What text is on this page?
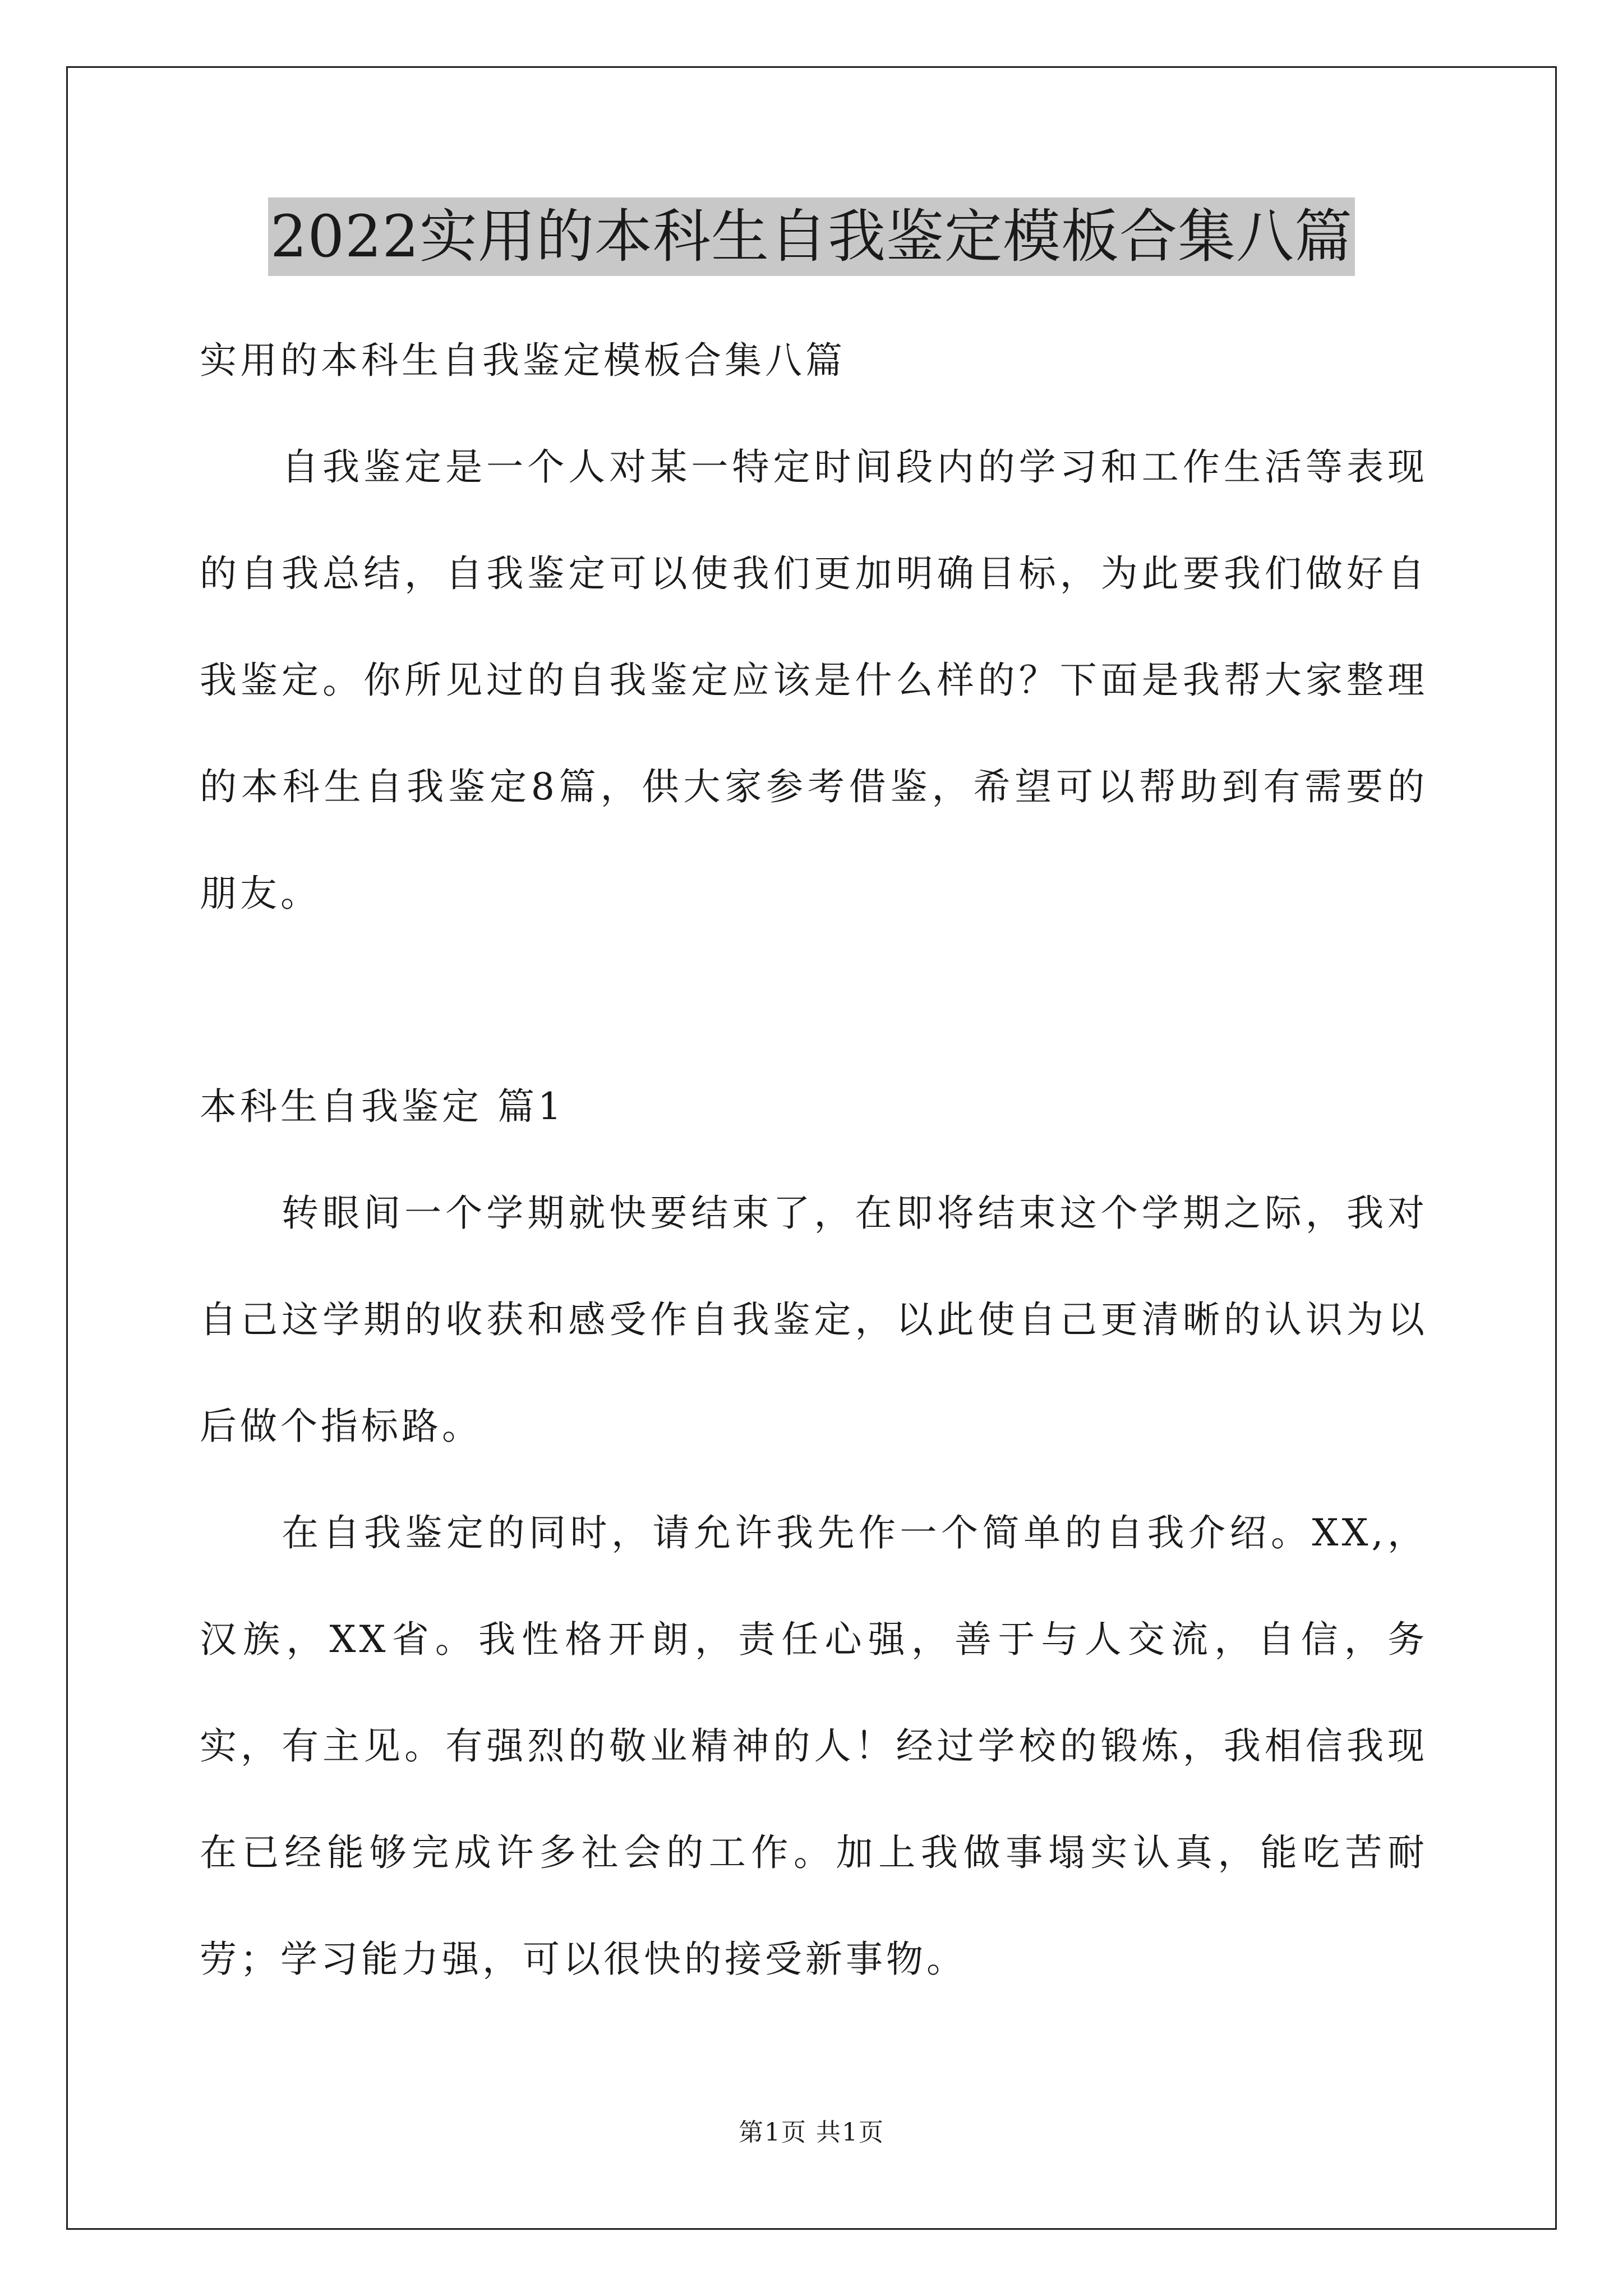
2022实用的本科生自我鉴定模板合集八篇

实用的本科生自我鉴定模板合集八篇

自我鉴定是一个人对某一特定时间段内的学习和工作生活等表现的自我总结，自我鉴定可以使我们更加明确目标，为此要我们做好自我鉴定。你所见过的自我鉴定应该是什么样的？下面是我帮大家整理的本科生自我鉴定8篇，供大家参考借鉴，希望可以帮助到有需要的朋友。

本科生自我鉴定 篇1

转眼间一个学期就快要结束了，在即将结束这个学期之际，我对自己这学期的收获和感受作自我鉴定，以此使自己更清晰的认识为以后做个指标路。

在自我鉴定的同时，请允许我先作一个简单的自我介绍。XX,，汉族，XX省。我性格开朗，责任心强，善于与人交流，自信，务实，有主见。有强烈的敬业精神的人！经过学校的锻炼，我相信我现在已经能够完成许多社会的工作。加上我做事塌实认真，能吃苦耐劳；学习能力强，可以很快的接受新事物。

第1页 共1页
